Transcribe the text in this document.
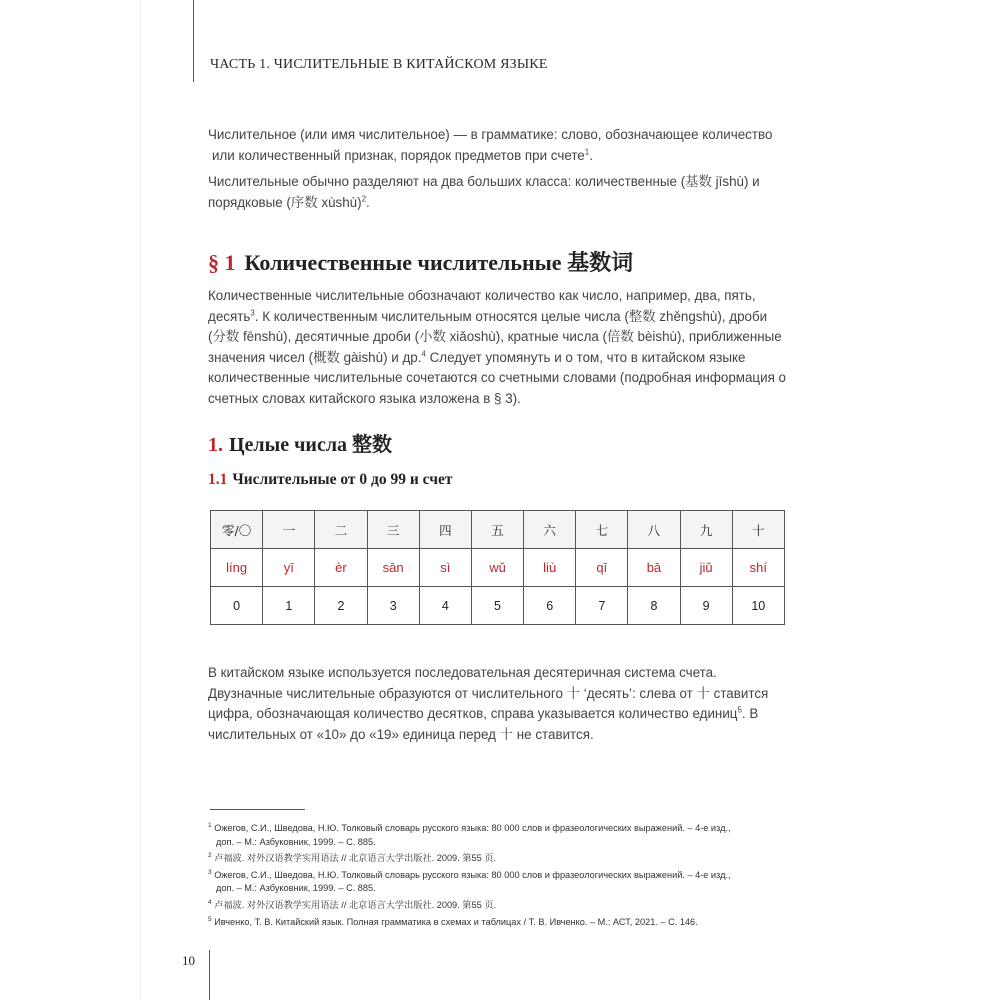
ЧАСТЬ 1. ЧИСЛИТЕЛЬНЫЕ В КИТАЙСКОМ ЯЗЫКЕ

Числительное (или имя числительное) — в грамматике: слово, обозначающее количество
или количественный признак, порядок предметов при счете$^1$.

Числительные обычно разделяют на два больших класса: количественные (基数 jīshù) и порядковые (序数 xùshù)$^2$.

§ 1 Количественные числительные 基数词

Количественные числительные обозначают количество как число, например, два, пять, десять$^3$. К количественным числительным относятся целые числа (整数 zhěngshù), дроби (分数 fēnshù), десятичные дроби (小数 xiǎoshù), кратные числа (倍数 bèishù), приближенные значения чисел (概数 gàishù) и др.$^4$ Следует упомянуть и о том, что в китайском языке количественные числительные сочетаются со счетными словами (подробная информация о счетных словах китайского языка изложена в § 3).

1. Целые числа 整数
1.1 Числительные от 0 до 99 и счет
零/〇	一	二	三	四	五	六	七	八	九	十
líng	yī	èr	sān	sì	wǔ	liù	qī	bā	jiǔ	shí
0	1	2	3	4	5	6	7	8	9	10

В китайском языке используется последовательная десятеричная система счета. Двузначные числительные образуются от числительного 十 ‘десять’: слева от 十 ставится цифра, обозначающая количество десятков, справа указывается количество единиц$^5$. В числительных от «10» до «19» единица перед 十 не ставится.

$^1$ Ожегов, С.И., Шведова, Н.Ю. Толковый словарь русского языка: 80 000 слов и фразеологических выражений. – 4-е изд.,
доп. – М.: Азбуковник, 1999. – С. 885.

$^2$ 卢福波. 对外汉语教学实用语法 // 北京语言大学出版社. 2009. 第55 页.

$^3$ Ожегов, С.И., Шведова, Н.Ю. Толковый словарь русского языка: 80 000 слов и фразеологических выражений. – 4-е изд.,
доп. – М.: Азбуковник, 1999. – С. 885.

$^4$ 卢福波. 对外汉语教学实用语法 // 北京语言大学出版社. 2009. 第55 页.

$^5$ Ивченко, Т. В. Китайский язык. Полная грамматика в схемах и таблицах / Т. В. Ивченко. – М.: АСТ, 2021. – С. 146.

10
